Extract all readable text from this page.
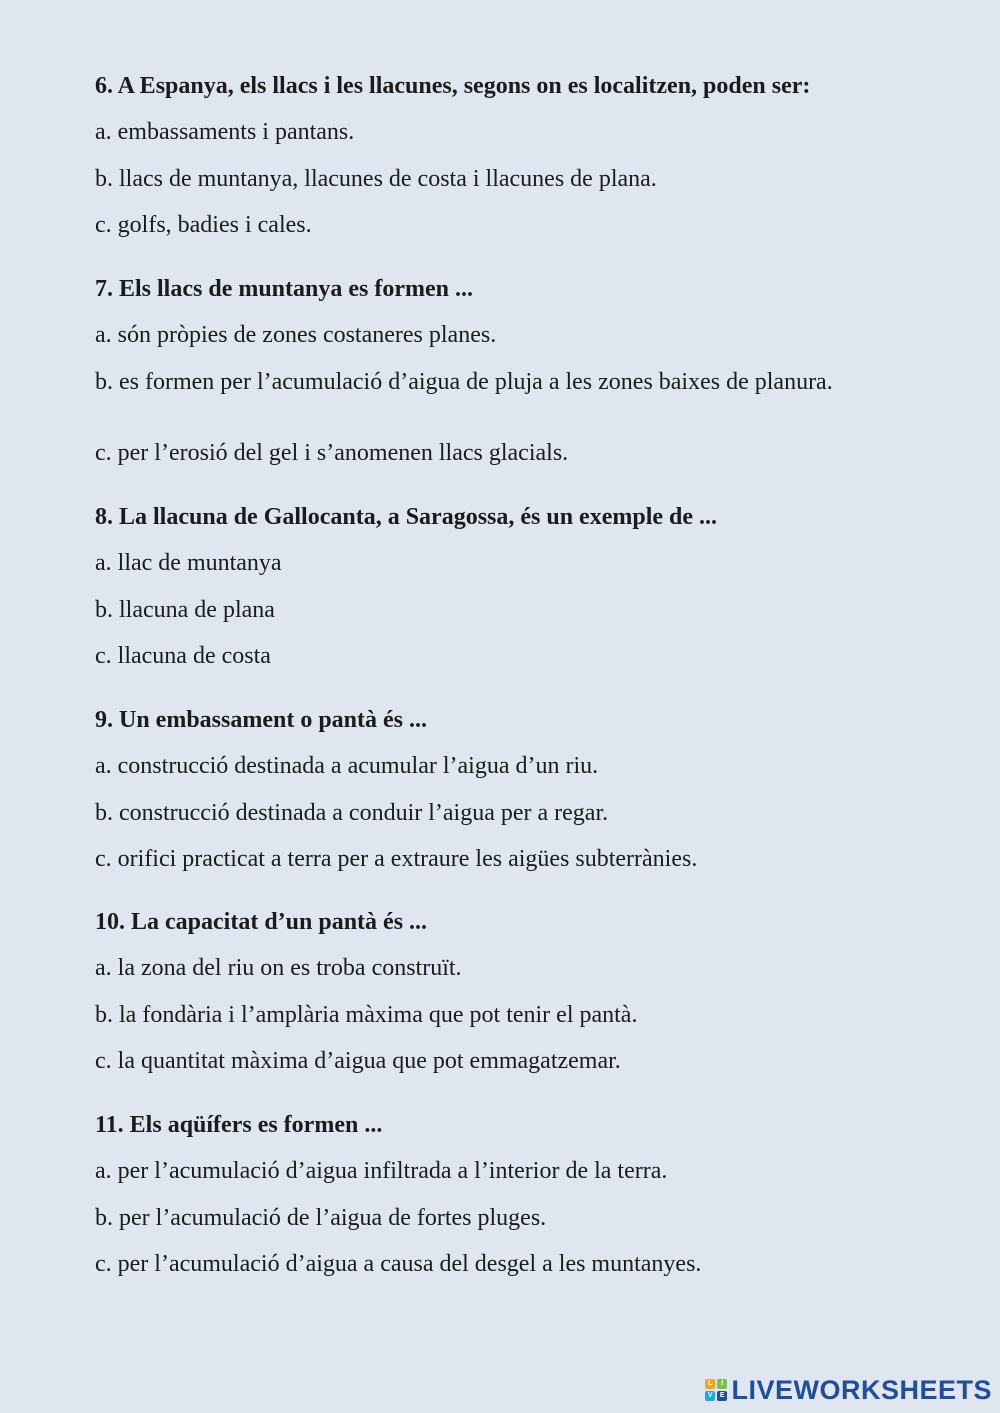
6. A Espanya, els llacs i les llacunes, segons on es localitzen, poden ser:

a. embassaments i pantans.

b. llacs de muntanya, llacunes de costa i llacunes de plana.

c. golfs, badies i cales.

7. Els llacs de muntanya es formen ...

a. són pròpies de zones costaneres planes.

b. es formen per l’acumulació d’aigua de pluja a les zones baixes de planura.

c. per l’erosió del gel i s’anomenen llacs glacials.

8. La llacuna de Gallocanta, a Saragossa, és un exemple de ...

a. llac de muntanya

b. llacuna de plana

c. llacuna de costa

9. Un embassament o pantà és ...

a. construcció destinada a acumular l’aigua d’un riu.

b. construcció destinada a conduir l’aigua per a regar.

c. orifici practicat a terra per a extraure les aigües subterrànies.

10. La capacitat d’un pantà és ...

a. la zona del riu on es troba construït.

b. la fondària i l’amplària màxima que pot tenir el pantà.

c. la quantitat màxima d’aigua que pot emmagatzemar.

11. Els aqüífers es formen ...

a. per l’acumulació d’aigua infiltrada a l’interior de la terra.

b. per l’acumulació de l’aigua de fortes pluges.

c. per l’acumulació d’aigua a causa del desgel a les muntanyes.

L	I
V E LIVEWORKSHEETS
